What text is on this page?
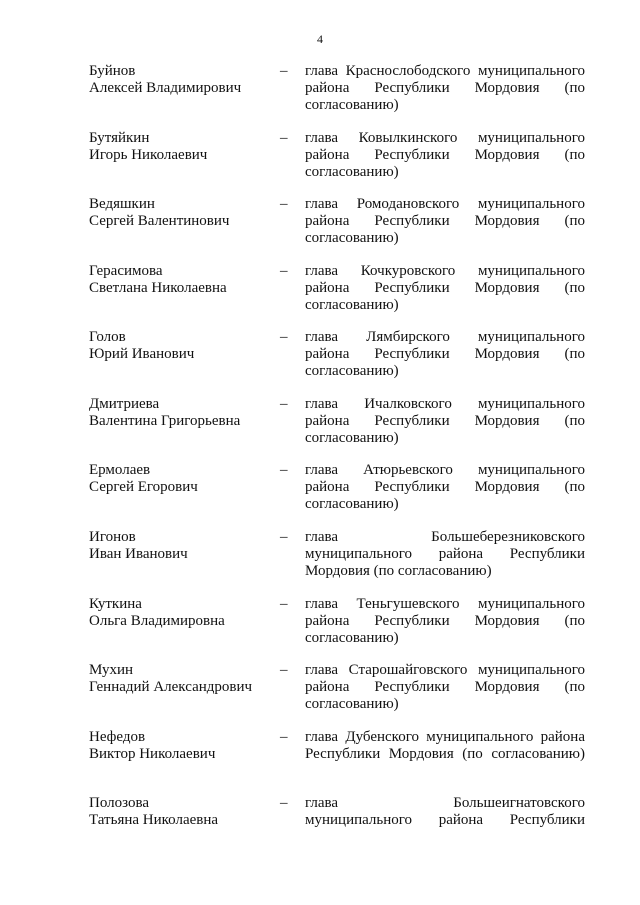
4
Буйнов
Алексей Владимирович
– глава Краснослободского муниципального
района Республики Мордовия (по
согласованию)
Бутяйкин
Игорь Николаевич
– глава Ковылкинского муниципального
района Республики Мордовия (по
согласованию)
Ведяшкин
Сергей Валентинович
– глава Ромодановского муниципального
района Республики Мордовия (по
согласованию)
Герасимова
Светлана Николаевна
– глава Кочкуровского муниципального
района Республики Мордовия (по
согласованию)
Голов
Юрий Иванович
– глава Лямбирского муниципального
района Республики Мордовия (по
согласованию)
Дмитриева
Валентина Григорьевна
– глава Ичалковского муниципального
района Республики Мордовия (по
согласованию)
Ермолаев
Сергей Егорович
– глава Атюрьевского муниципального
района Республики Мордовия (по
согласованию)
Игонов
Иван Иванович
– глава Большеберезниковского
муниципального района Республики
Мордовия (по согласованию)
Куткина
Ольга Владимировна
– глава Теньгушевского муниципального
района Республики Мордовия (по
согласованию)
Мухин
Геннадий Александрович
– глава Старошайговского муниципального
района Республики Мордовия (по
согласованию)
Нефедов
Виктор Николаевич
– глава Дубенского муниципального района
Республики Мордовия (по согласованию)
Полозова
Татьяна Николаевна
– глава Большеигнатовского
муниципального района Республики
